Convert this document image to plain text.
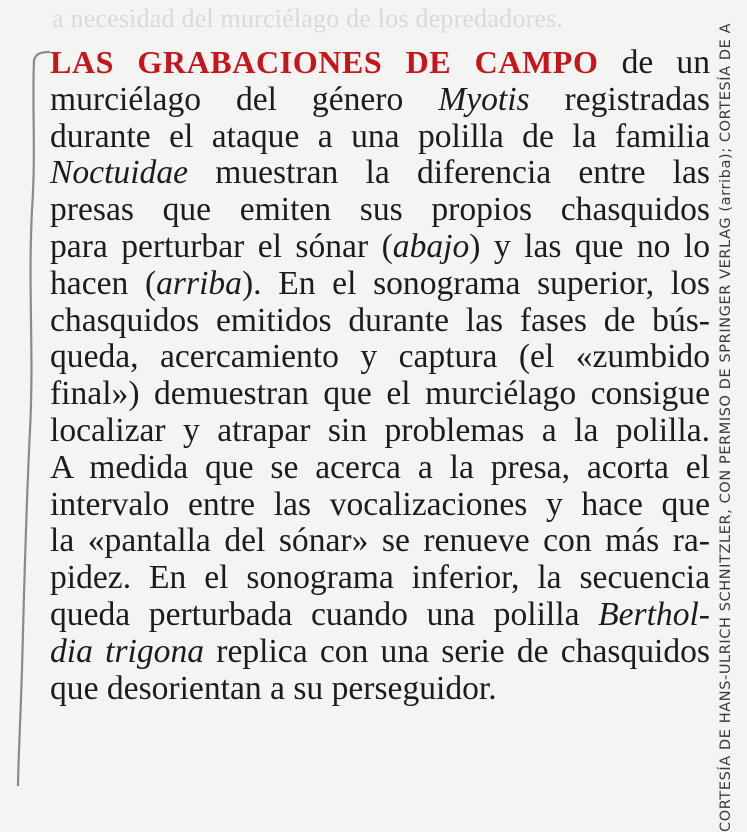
a necesidad del murciélago de los depredadores.
LAS GRABACIONES DE CAMPO de un
murciélago del género Myotis registradas
durante el ataque a una polilla de la familia
Noctuidae muestran la diferencia entre las
presas que emiten sus propios chasquidos
para perturbar el sónar (abajo) y las que no lo
hacen (arriba). En el sonograma superior, los
chasquidos emitidos durante las fases de bús-
queda, acercamiento y captura (el «zumbido
final») demuestran que el murciélago consigue
localizar y atrapar sin problemas a la polilla.
A medida que se acerca a la presa, acorta el
intervalo entre las vocalizaciones y hace que
la «pantalla del sónar» se renueve con más ra-
pidez. En el sonograma inferior, la secuencia
queda perturbada cuando una polilla Berthol-
dia trigona replica con una serie de chasquidos
que desorientan a su perseguidor.	CORTESÍA DE HANS-ULRICH SCHNITZLER, CON PERMISO DE SPRINGER VERLAG (arriba); CORTESÍA DE A
